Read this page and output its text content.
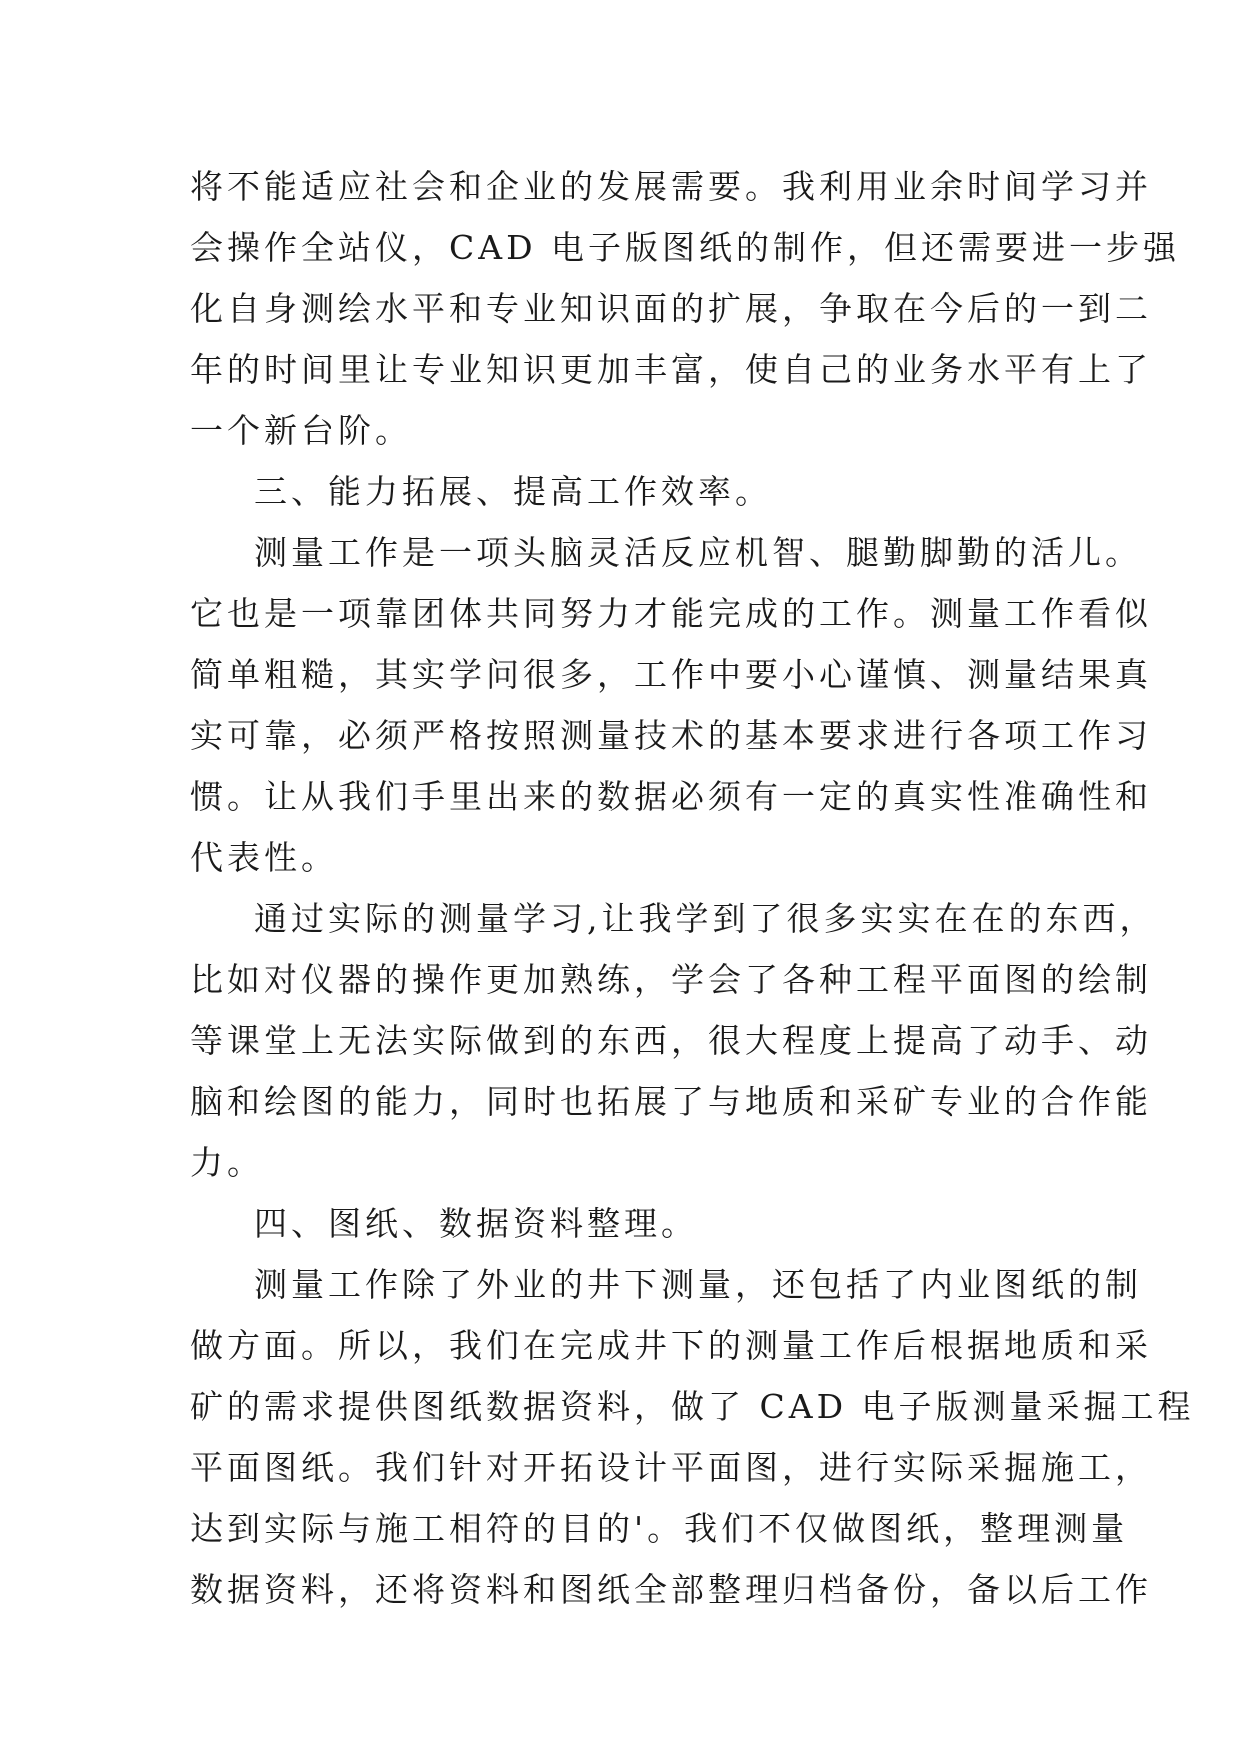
将不能适应社会和企业的发展需要。我利用业余时间学习并
会操作全站仪，CAD 电子版图纸的制作，但还需要进一步强
化自身测绘水平和专业知识面的扩展，争取在今后的一到二
年的时间里让专业知识更加丰富，使自己的业务水平有上了
一个新台阶。
三、能力拓展、提高工作效率。
测量工作是一项头脑灵活反应机智、腿勤脚勤的活儿。
它也是一项靠团体共同努力才能完成的工作。测量工作看似
简单粗糙，其实学问很多，工作中要小心谨慎、测量结果真
实可靠，必须严格按照测量技术的基本要求进行各项工作习
惯。让从我们手里出来的数据必须有一定的真实性准确性和
代表性。
通过实际的测量学习,让我学到了很多实实在在的东西，
比如对仪器的操作更加熟练，学会了各种工程平面图的绘制
等课堂上无法实际做到的东西，很大程度上提高了动手、动
脑和绘图的能力，同时也拓展了与地质和采矿专业的合作能
力。
四、图纸、数据资料整理。
测量工作除了外业的井下测量，还包括了内业图纸的制
做方面。所以，我们在完成井下的测量工作后根据地质和采
矿的需求提供图纸数据资料，做了 CAD 电子版测量采掘工程
平面图纸。我们针对开拓设计平面图，进行实际采掘施工，
达到实际与施工相符的目的'。我们不仅做图纸，整理测量
数据资料，还将资料和图纸全部整理归档备份，备以后工作
